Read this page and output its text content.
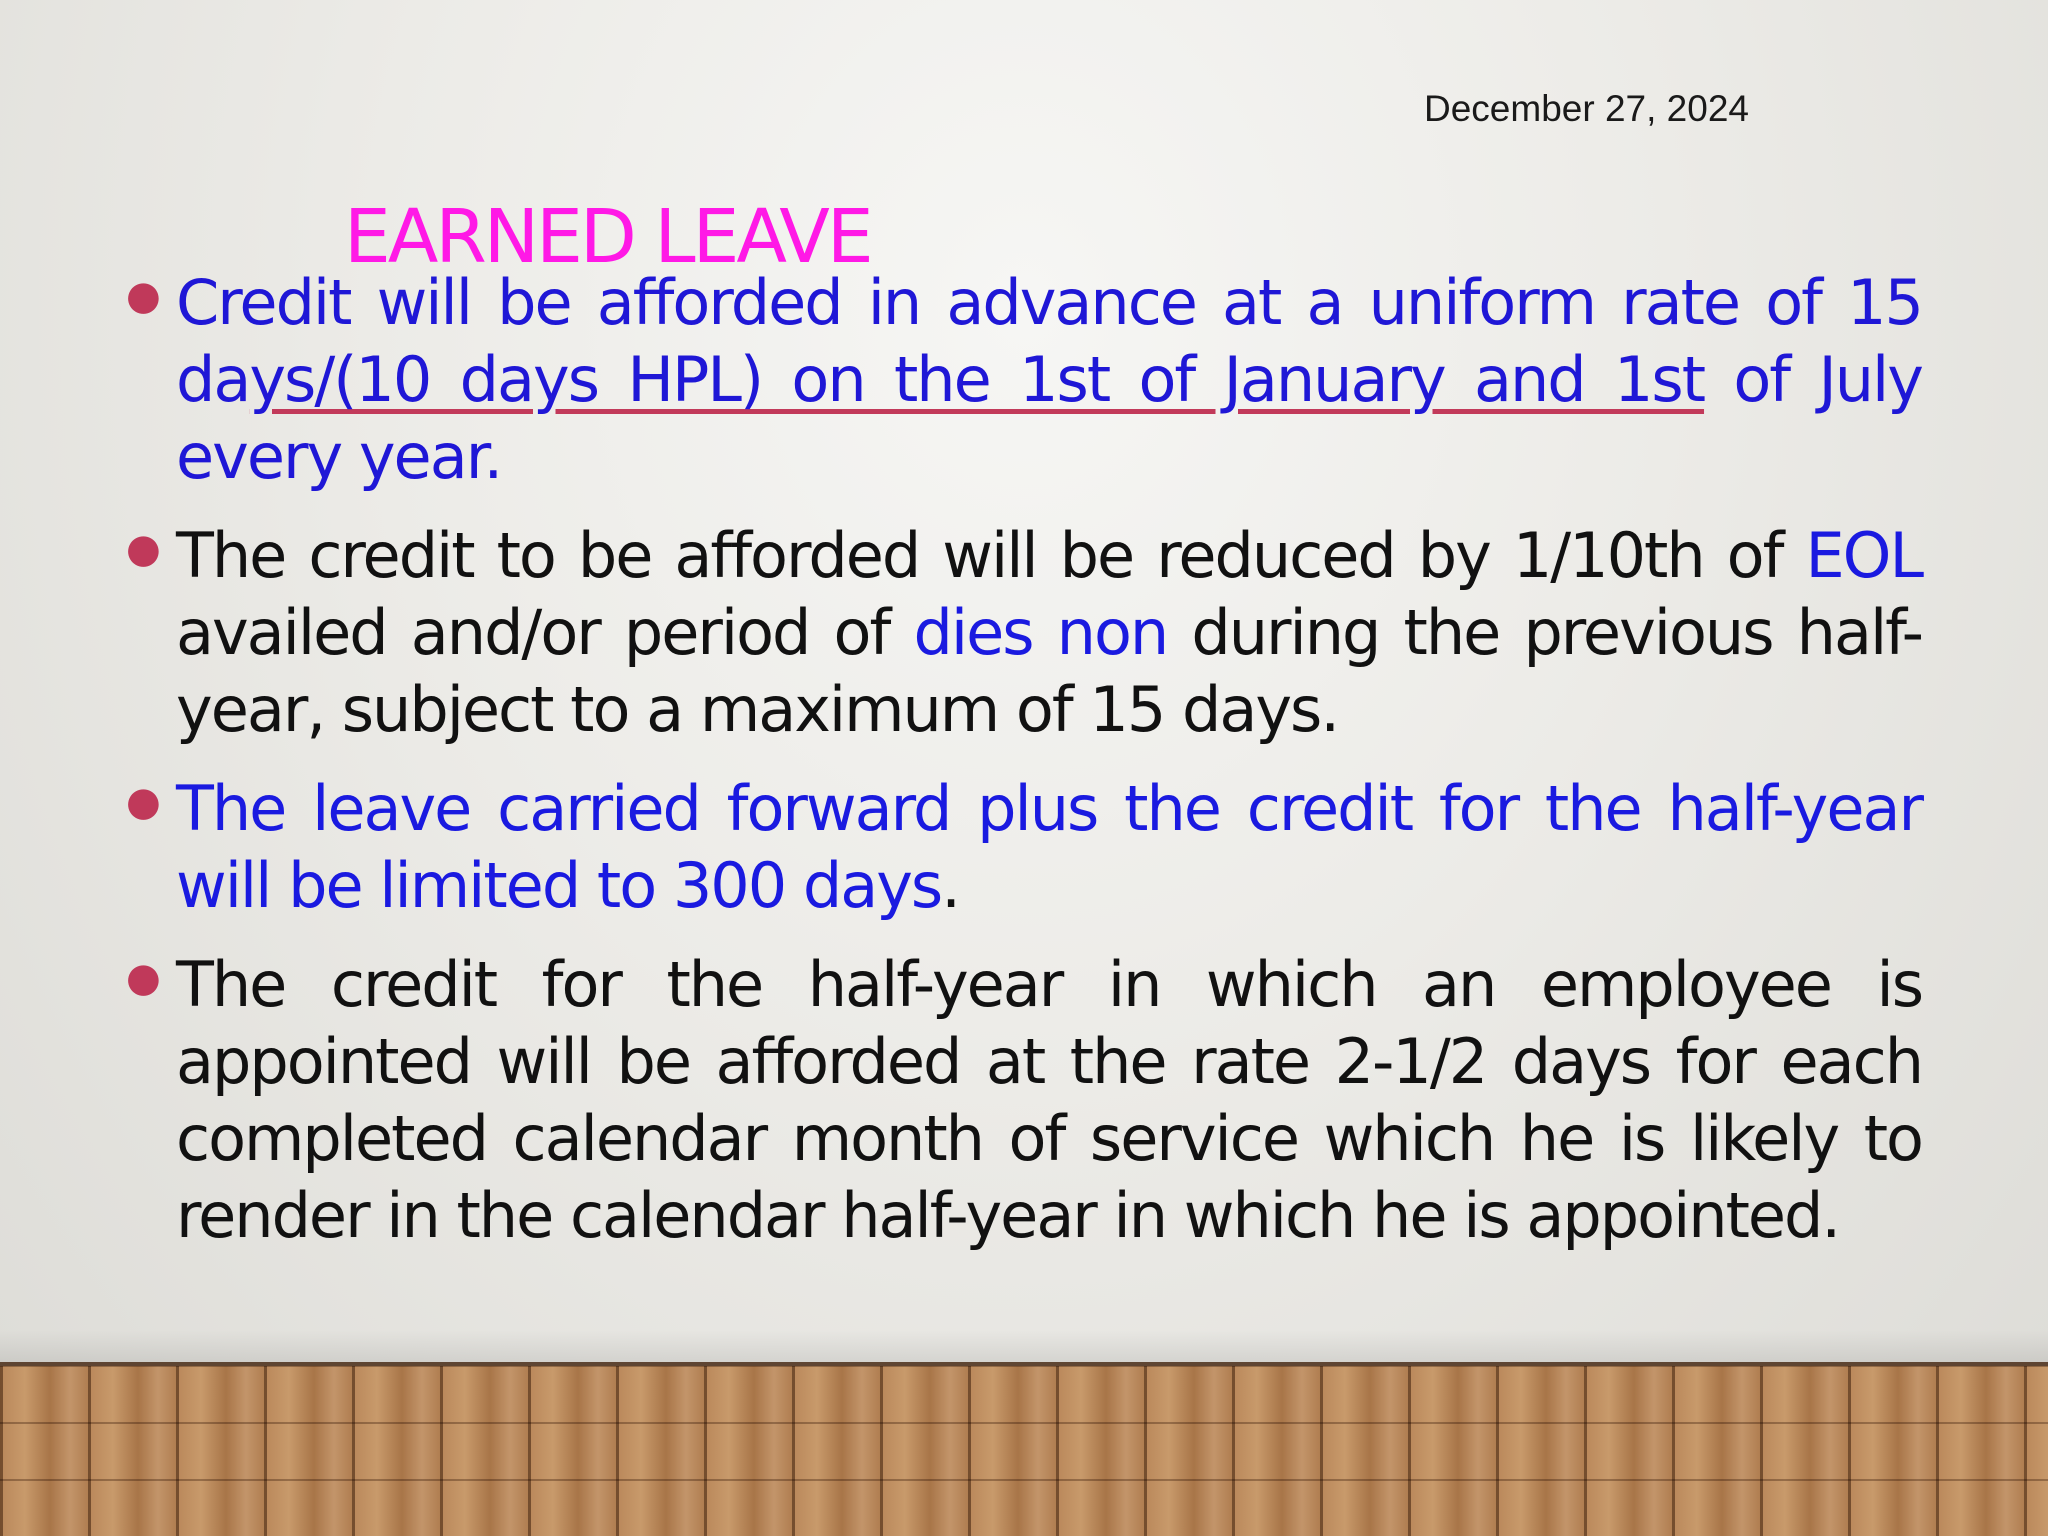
December 27, 2024
EARNED LEAVE
● Credit will be afforded in advance at a uniform rate of 15 days/(10 days HPL) on the 1st of January and 1st of July every year.
● The credit to be afforded will be reduced by 1/10th of EOL availed and/or period of dies non during the previous half-year, subject to a maximum of 15 days.
● The leave carried forward plus the credit for the half-year will be limited to 300 days.
● The credit for the half-year in which an employee is appointed will be afforded at the rate 2-1/2 days for each completed calendar month of service which he is likely to render in the calendar half-year in which he is appointed.
